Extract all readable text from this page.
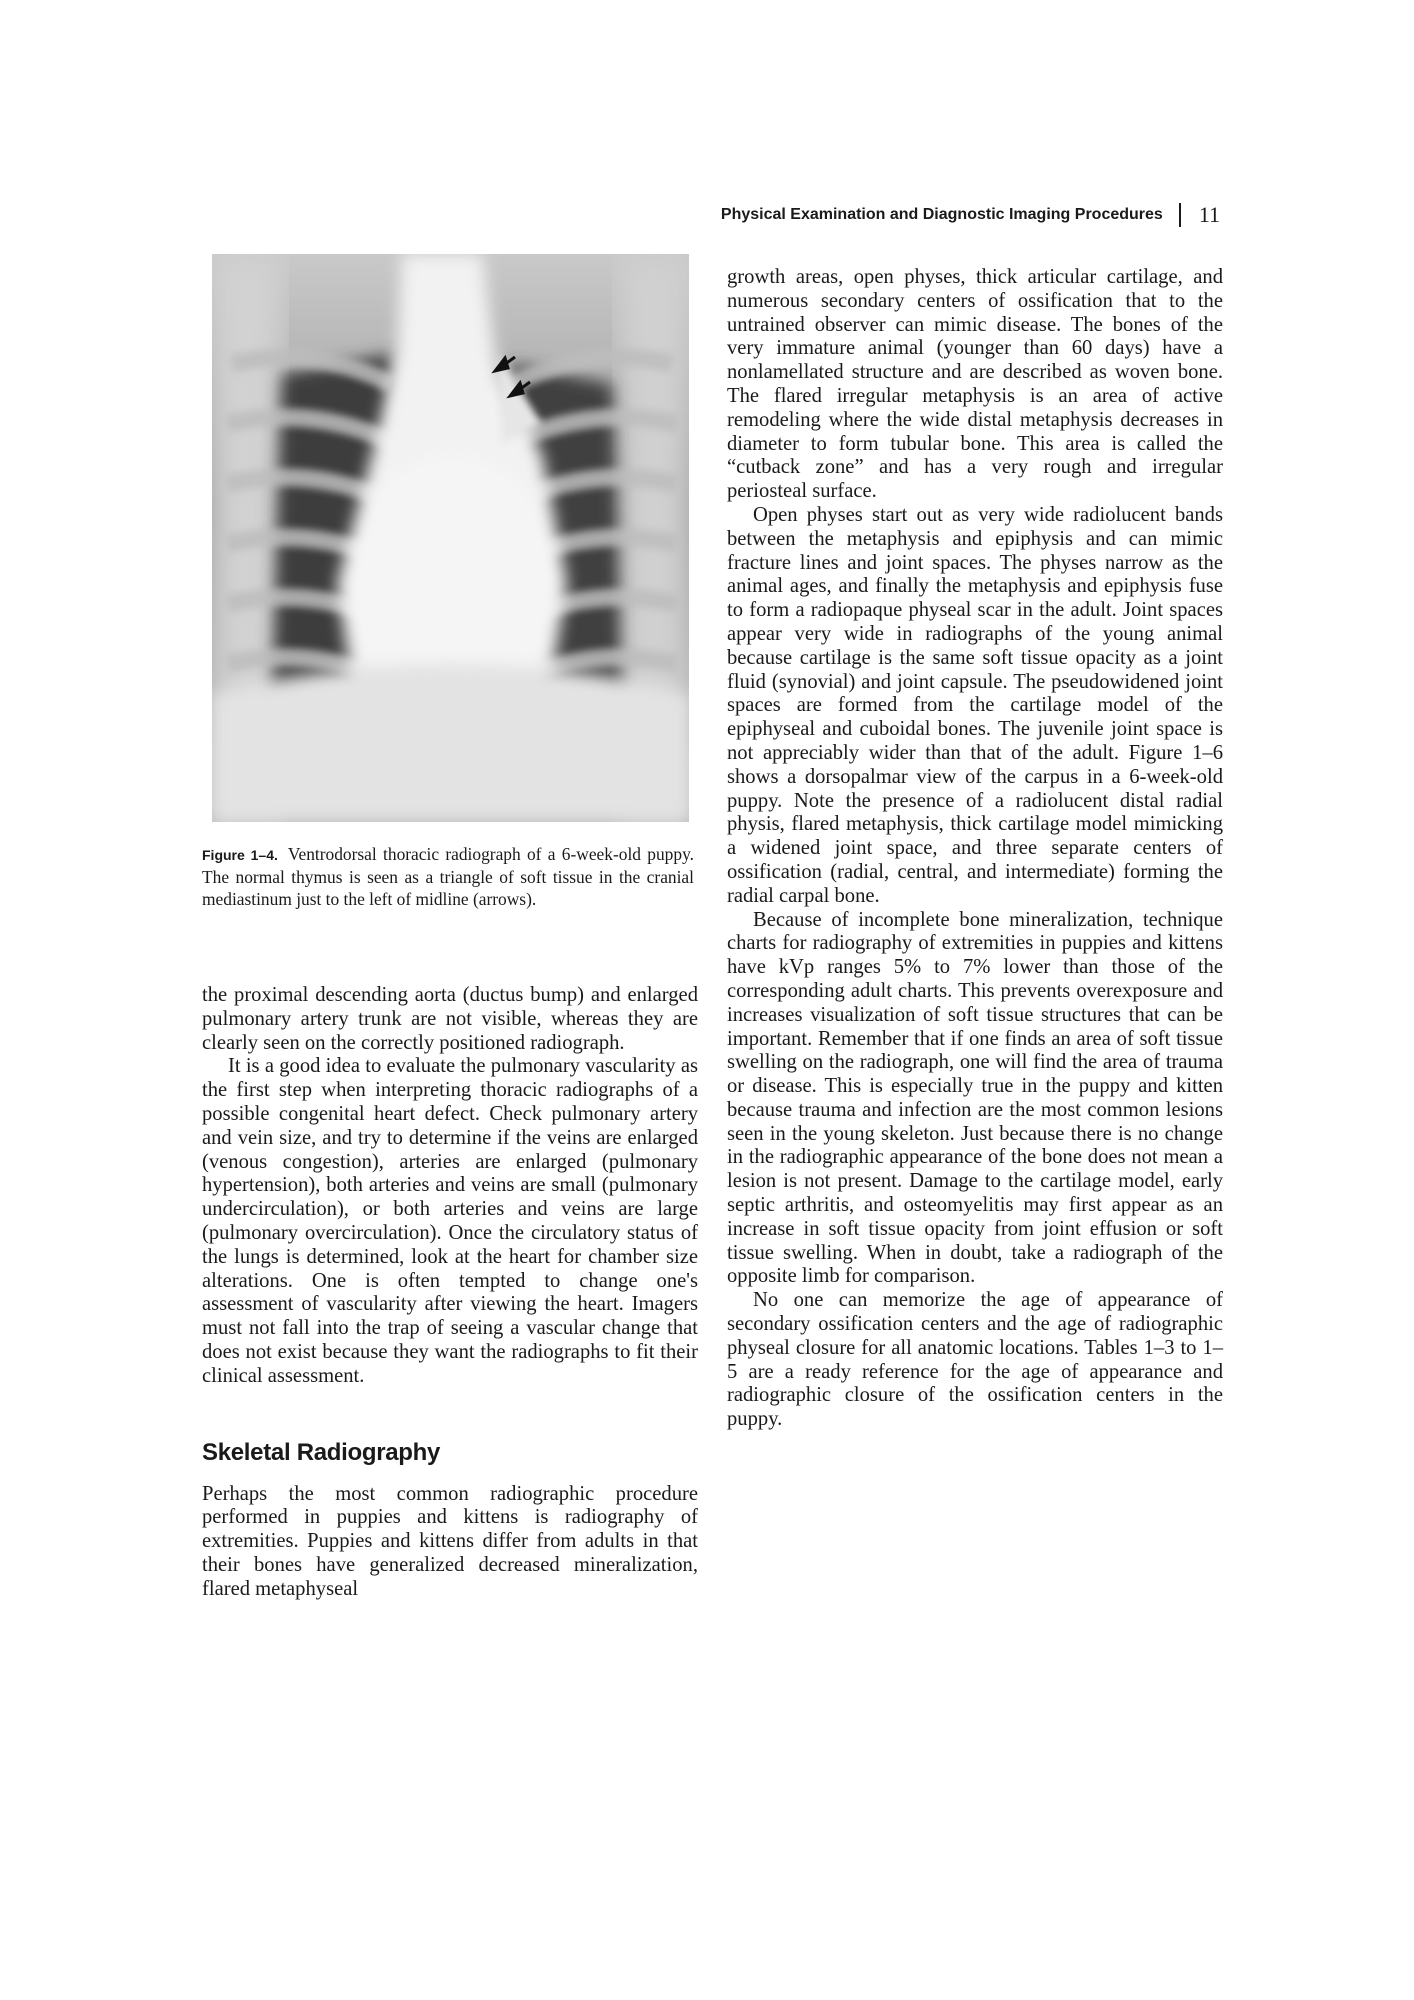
Physical Examination and Diagnostic Imaging Procedures 11
Figure 1–4. Ventrodorsal thoracic radiograph of a 6-week-old puppy. The normal thymus is seen as a triangle of soft tissue in the cranial mediastinum just to the left of midline (arrows).

the proximal descending aorta (ductus bump) and enlarged pulmonary artery trunk are not visible, whereas they are clearly seen on the correctly positioned radiograph.

It is a good idea to evaluate the pulmonary vascularity as the first step when interpreting thoracic radiographs of a possible congenital heart defect. Check pulmonary artery and vein size, and try to determine if the veins are enlarged (venous congestion), arteries are enlarged (pulmonary hypertension), both arteries and veins are small (pulmonary undercirculation), or both arteries and veins are large (pulmonary overcirculation). Once the circulatory status of the lungs is determined, look at the heart for chamber size alterations. One is often tempted to change one's assessment of vascularity after viewing the heart. Imagers must not fall into the trap of seeing a vascular change that does not exist because they want the radiographs to fit their clinical assessment.

Skeletal Radiography

Perhaps the most common radiographic procedure performed in puppies and kittens is radiography of extremities. Puppies and kittens differ from adults in that their bones have generalized decreased mineralization, flared metaphyseal

growth areas, open physes, thick articular cartilage, and numerous secondary centers of ossification that to the untrained observer can mimic disease. The bones of the very immature animal (younger than 60 days) have a nonlamellated structure and are described as woven bone. The flared irregular metaphysis is an area of active remodeling where the wide distal metaphysis decreases in diameter to form tubular bone. This area is called the “cutback zone” and has a very rough and irregular periosteal surface.

Open physes start out as very wide radiolucent bands between the metaphysis and epiphysis and can mimic fracture lines and joint spaces. The physes narrow as the animal ages, and finally the metaphysis and epiphysis fuse to form a radiopaque physeal scar in the adult. Joint spaces appear very wide in radiographs of the young animal because cartilage is the same soft tissue opacity as a joint fluid (synovial) and joint capsule. The pseudowidened joint spaces are formed from the cartilage model of the epiphyseal and cuboidal bones. The juvenile joint space is not appreciably wider than that of the adult. Figure 1–6 shows a dorsopalmar view of the carpus in a 6-week-old puppy. Note the presence of a radiolucent distal radial physis, flared metaphysis, thick cartilage model mimicking a widened joint space, and three separate centers of ossification (radial, central, and intermediate) forming the radial carpal bone.

Because of incomplete bone mineralization, technique charts for radiography of extremities in puppies and kittens have kVp ranges 5% to 7% lower than those of the corresponding adult charts. This prevents overexposure and increases visualization of soft tissue structures that can be important. Remember that if one finds an area of soft tissue swelling on the radiograph, one will find the area of trauma or disease. This is especially true in the puppy and kitten because trauma and infection are the most common lesions seen in the young skeleton. Just because there is no change in the radiographic appearance of the bone does not mean a lesion is not present. Damage to the cartilage model, early septic arthritis, and osteomyelitis may first appear as an increase in soft tissue opacity from joint effusion or soft tissue swelling. When in doubt, take a radiograph of the opposite limb for comparison.

No one can memorize the age of appearance of secondary ossification centers and the age of radiographic physeal closure for all anatomic locations. Tables 1–3 to 1–5 are a ready reference for the age of appearance and radiographic closure of the ossification centers in the puppy.
